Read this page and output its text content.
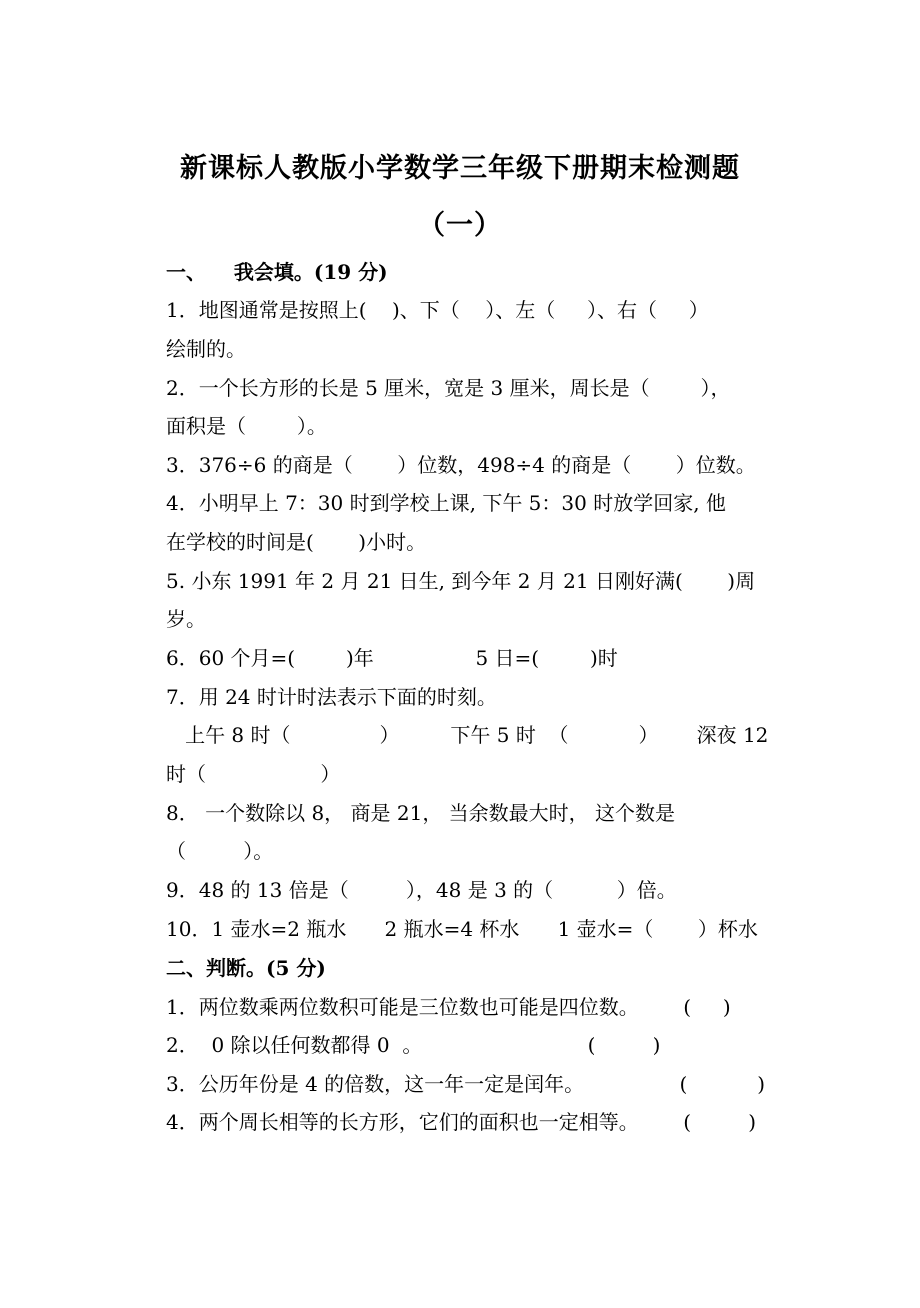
新课标人教版小学数学三年级下册期末检测题
（一）
一、    我会填。(19 分)
1．地图通常是按照上(    )、下（    ）、左（     ）、右（     ）
绘制的。
2．一个长方形的长是 5 厘米，宽是 3 厘米，周长是（        ），
面积是（        ）。
3．376÷6 的商是（       ）位数，498÷4 的商是（       ）位数。
4．小明早上 7：30 时到学校上课, 下午 5：30 时放学回家, 他
在学校的时间是(       )小时。
5. 小东 1991 年 2 月 21 日生, 到今年 2 月 21 日刚好满(       )周
岁。
6．60 个月=(        )年                5 日=(        )时
7．用 24 时计时法表示下面的时刻。
上午 8 时（              ）        下午 5 时  （           ）      深夜 12
时（                  ）
8． 一个数除以 8， 商是 21， 当余数最大时， 这个数是
（         ）。
9．48 的 13 倍是（         ），48 是 3 的（          ）倍。
10．1 壶水=2 瓶水      2 瓶水=4 杯水      1 壶水=（       ）杯水
二、判断。(5 分)
1．两位数乘两位数积可能是三位数也可能是四位数。       (     )
2．  0 除以任何数都得 0  。                          (         )
3．公历年份是 4 的倍数，这一年一定是闰年。               (           )
4．两个周长相等的长方形，它们的面积也一定相等。       (         )
